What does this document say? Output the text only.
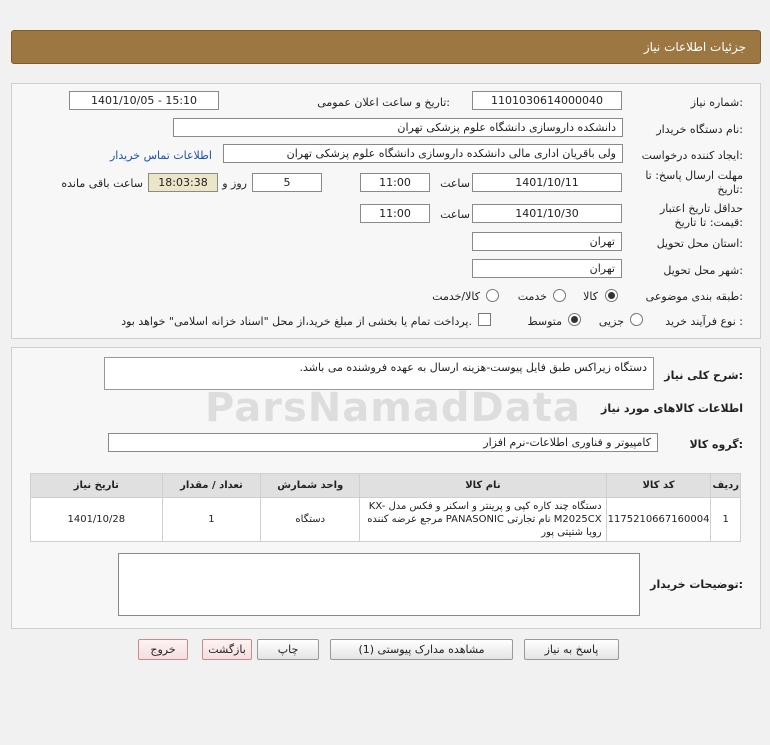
جزئیات اطلاعات نیاز
شماره نیاز:
1101030614000040
تاریخ و ساعت اعلان عمومی:
1401/10/05 - 15:10
نام دستگاه خریدار:
دانشکده داروسازی دانشگاه علوم پزشکی تهران
ایجاد کننده درخواست:
ولی باقریان اداری مالی دانشکده داروسازی دانشگاه علوم پزشکی تهران
اطلاعات تماس خریدار
مهلت ارسال پاسخ: تا
تاریخ:
1401/10/11
ساعت
11:00
5
روز و
18:03:38
ساعت باقی مانده
حداقل تاریخ اعتبار
قیمت: تا تاریخ:
1401/10/30
ساعت
11:00
استان محل تحویل:
تهران
شهر محل تحویل:
تهران
طبقه بندی موضوعی:
کالا
خدمت
کالا/خدمت
نوع فرآیند خرید :
جزیی
متوسط
پرداخت تمام یا بخشی از مبلغ خرید،از محل "اسناد خزانه اسلامی" خواهد بود.
شرح کلی نیاز:
دستگاه زیراکس طبق فایل پیوست-هزینه ارسال به عهده فروشنده می باشد.
ParsNamadData اطلاعات کالاهای مورد نیاز
گروه کالا:
کامپیوتر و فناوری اطلاعات-نرم افزار
ردیف	کد کالا	نام کالا	واحد شمارش	تعداد / مقدار	تاریخ نیاز
1	1175210667160004	دستگاه چند کاره کپی و پرینتر و اسکنر و فکس مدل KX-M2025CX نام تجارتی PANASONIC مرجع عرضه کننده رویا شتیتی پور	دستگاه	1	1401/10/28
توضیحات خریدار:
پاسخ به نیاز
مشاهده مدارک پیوستی (1)
چاپ
بازگشت
خروج
